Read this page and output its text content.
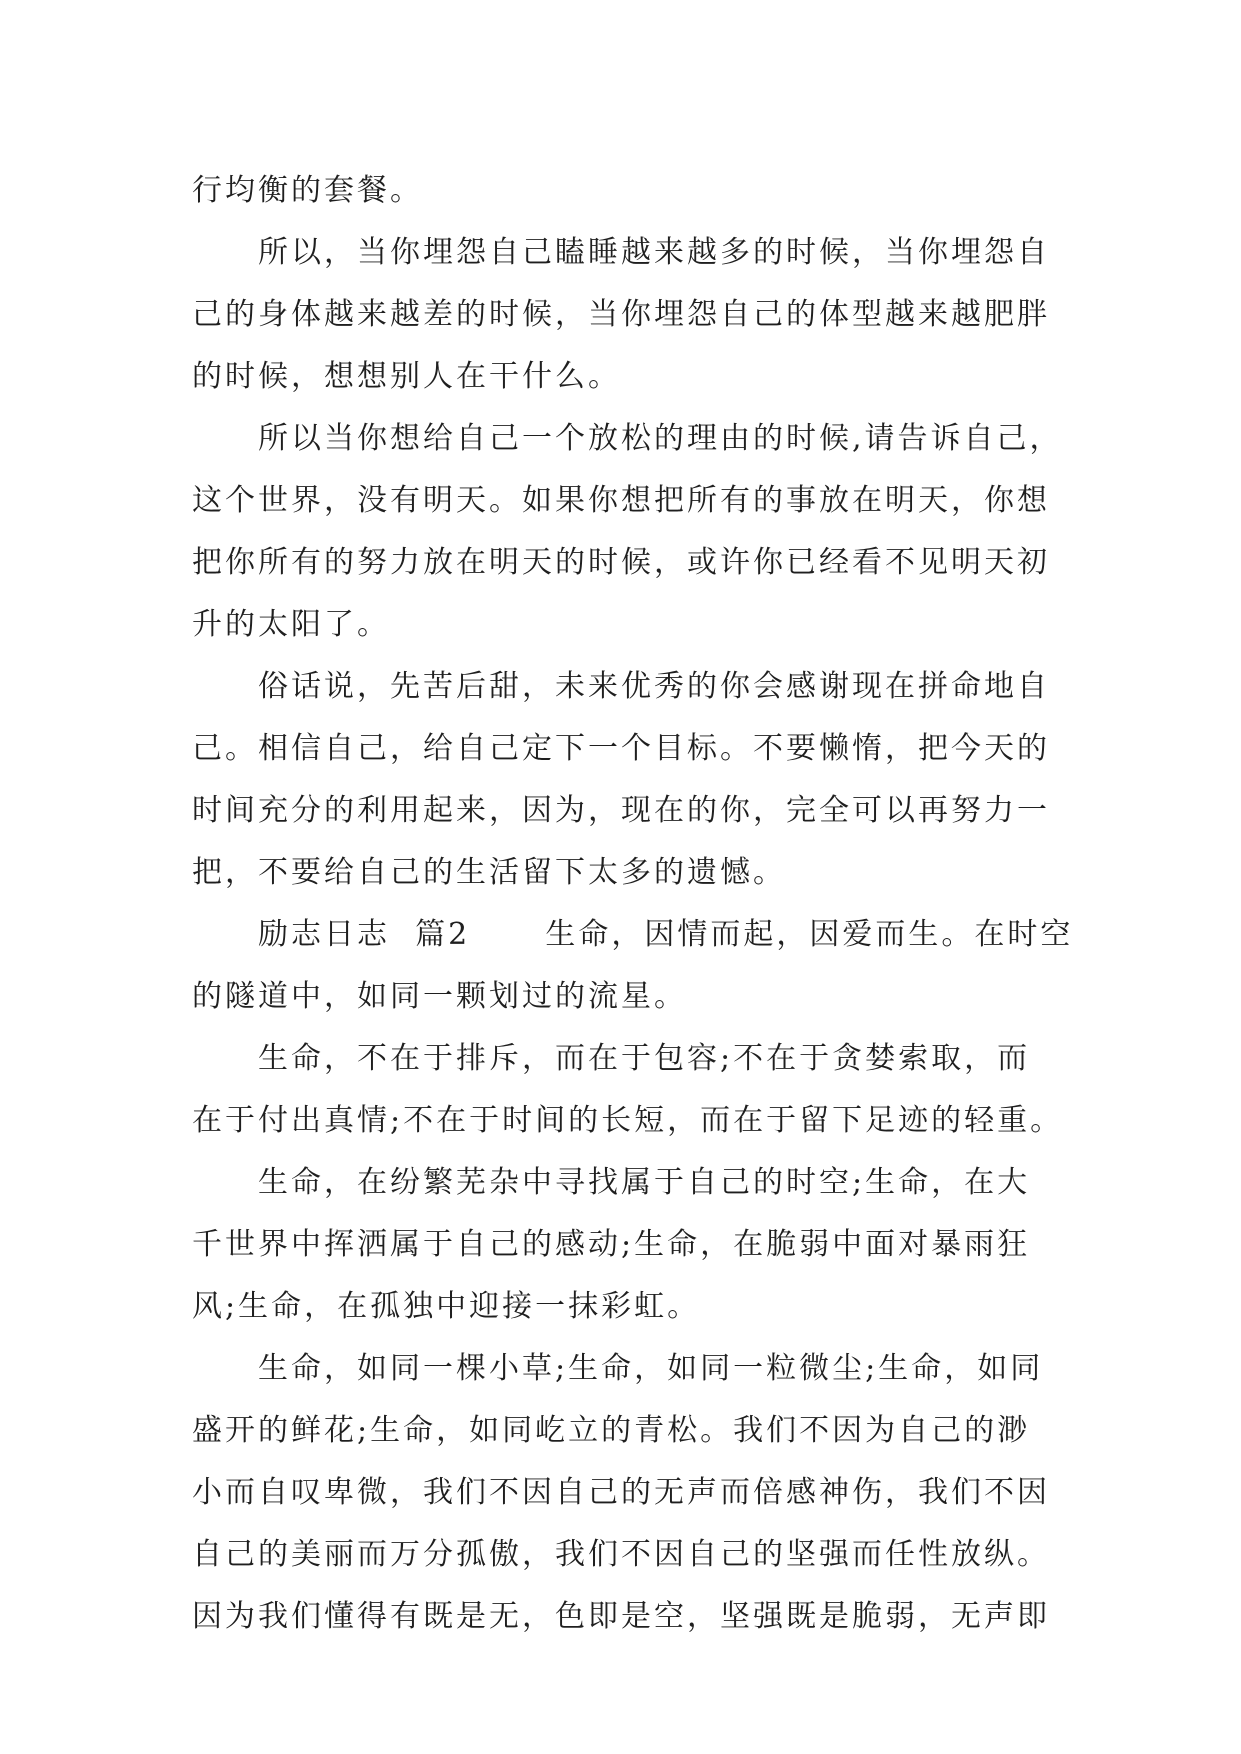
行均衡的套餐。
所以，当你埋怨自己瞌睡越来越多的时候，当你埋怨自
己的身体越来越差的时候，当你埋怨自己的体型越来越肥胖
的时候，想想别人在干什么。
所以当你想给自己一个放松的理由的时候,请告诉自己，
这个世界，没有明天。如果你想把所有的事放在明天，你想
把你所有的努力放在明天的时候，或许你已经看不见明天初
升的太阳了。
俗话说，先苦后甜，未来优秀的你会感谢现在拼命地自
己。相信自己，给自己定下一个目标。不要懒惰，把今天的
时间充分的利用起来，因为，现在的你，完全可以再努力一
把，不要给自己的生活留下太多的遗憾。
励志日志  篇2      生命，因情而起，因爱而生。在时空
的隧道中，如同一颗划过的流星。
生命，不在于排斥，而在于包容;不在于贪婪索取，而
在于付出真情;不在于时间的长短，而在于留下足迹的轻重。
生命，在纷繁芜杂中寻找属于自己的时空;生命，在大
千世界中挥洒属于自己的感动;生命，在脆弱中面对暴雨狂
风;生命，在孤独中迎接一抹彩虹。
生命，如同一棵小草;生命，如同一粒微尘;生命，如同
盛开的鲜花;生命，如同屹立的青松。我们不因为自己的渺
小而自叹卑微，我们不因自己的无声而倍感神伤，我们不因
自己的美丽而万分孤傲，我们不因自己的坚强而任性放纵。
因为我们懂得有既是无，色即是空，坚强既是脆弱，无声即
